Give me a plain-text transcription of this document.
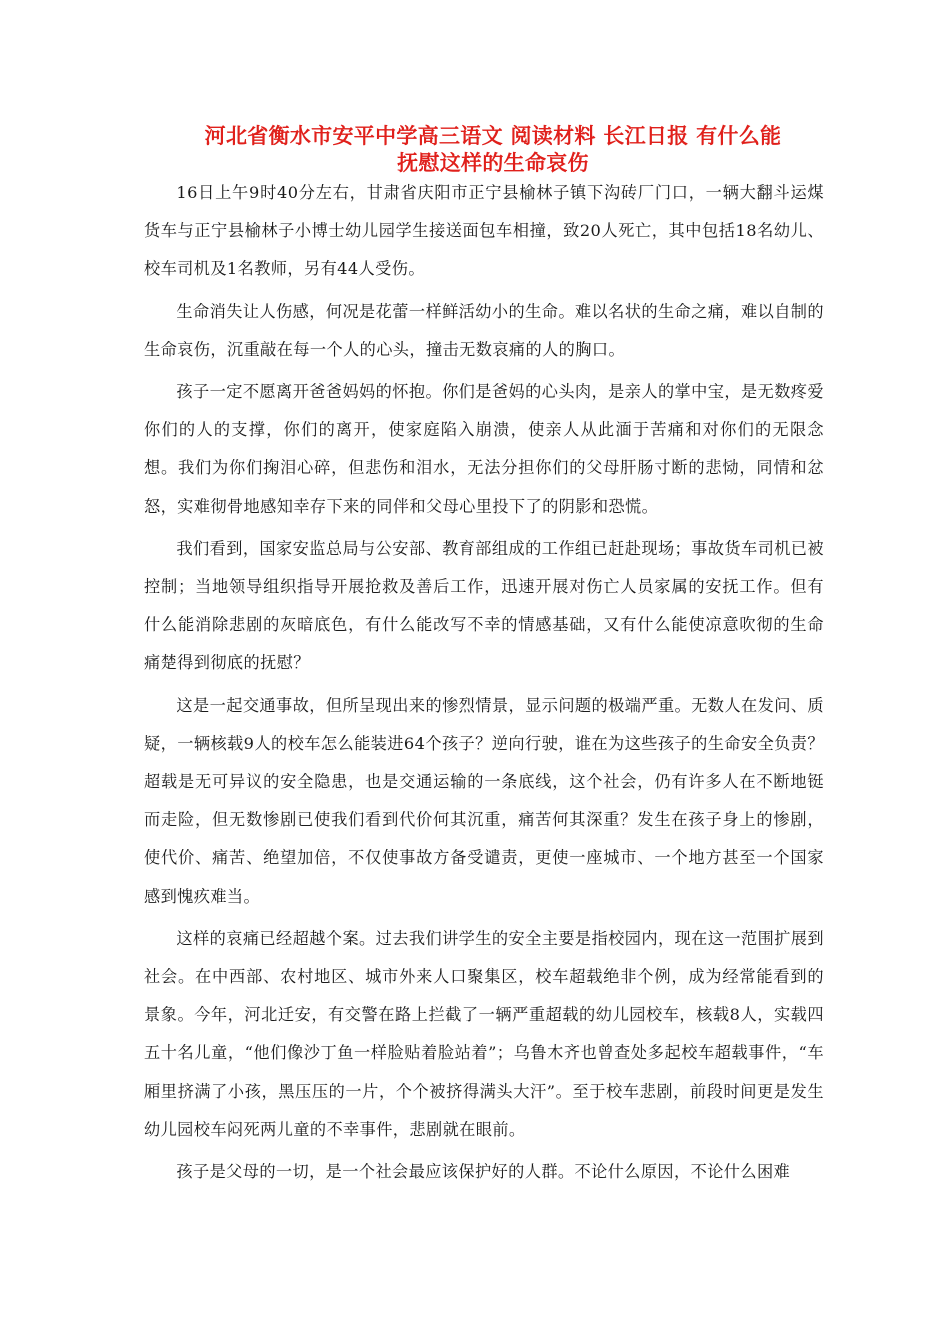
河北省衡水市安平中学高三语文 阅读材料 长江日报 有什么能
抚慰这样的生命哀伤

16日上午9时40分左右，甘肃省庆阳市正宁县榆林子镇下沟砖厂门口，一辆大翻斗运煤货车与正宁县榆林子小博士幼儿园学生接送面包车相撞，致20人死亡，其中包括18名幼儿、校车司机及1名教师，另有44人受伤。

生命消失让人伤感，何况是花蕾一样鲜活幼小的生命。难以名状的生命之痛，难以自制的生命哀伤，沉重敲在每一个人的心头，撞击无数哀痛的人的胸口。

孩子一定不愿离开爸爸妈妈的怀抱。你们是爸妈的心头肉，是亲人的掌中宝，是无数疼爱你们的人的支撑，你们的离开，使家庭陷入崩溃，使亲人从此湎于苦痛和对你们的无限念想。我们为你们掬泪心碎，但悲伤和泪水，无法分担你们的父母肝肠寸断的悲恸，同情和忿怒，实难彻骨地感知幸存下来的同伴和父母心里投下了的阴影和恐慌。

我们看到，国家安监总局与公安部、教育部组成的工作组已赶赴现场；事故货车司机已被控制；当地领导组织指导开展抢救及善后工作，迅速开展对伤亡人员家属的安抚工作。但有什么能消除悲剧的灰暗底色，有什么能改写不幸的情感基础，又有什么能使凉意吹彻的生命痛楚得到彻底的抚慰？

这是一起交通事故，但所呈现出来的惨烈情景，显示问题的极端严重。无数人在发问、质疑，一辆核载9人的校车怎么能装进64个孩子？逆向行驶，谁在为这些孩子的生命安全负责？超载是无可异议的安全隐患，也是交通运输的一条底线，这个社会，仍有许多人在不断地铤而走险，但无数惨剧已使我们看到代价何其沉重，痛苦何其深重？发生在孩子身上的惨剧，使代价、痛苦、绝望加倍，不仅使事故方备受谴责，更使一座城市、一个地方甚至一个国家感到愧疚难当。

这样的哀痛已经超越个案。过去我们讲学生的安全主要是指校园内，现在这一范围扩展到社会。在中西部、农村地区、城市外来人口聚集区，校车超载绝非个例，成为经常能看到的景象。今年，河北迁安，有交警在路上拦截了一辆严重超载的幼儿园校车，核载8人，实载四五十名儿童，“他们像沙丁鱼一样脸贴着脸站着”；乌鲁木齐也曾查处多起校车超载事件，“车厢里挤满了小孩，黑压压的一片，个个被挤得满头大汗”。至于校车悲剧，前段时间更是发生幼儿园校车闷死两儿童的不幸事件，悲剧就在眼前。

孩子是父母的一切，是一个社会最应该保护好的人群。不论什么原因，不论什么困难
